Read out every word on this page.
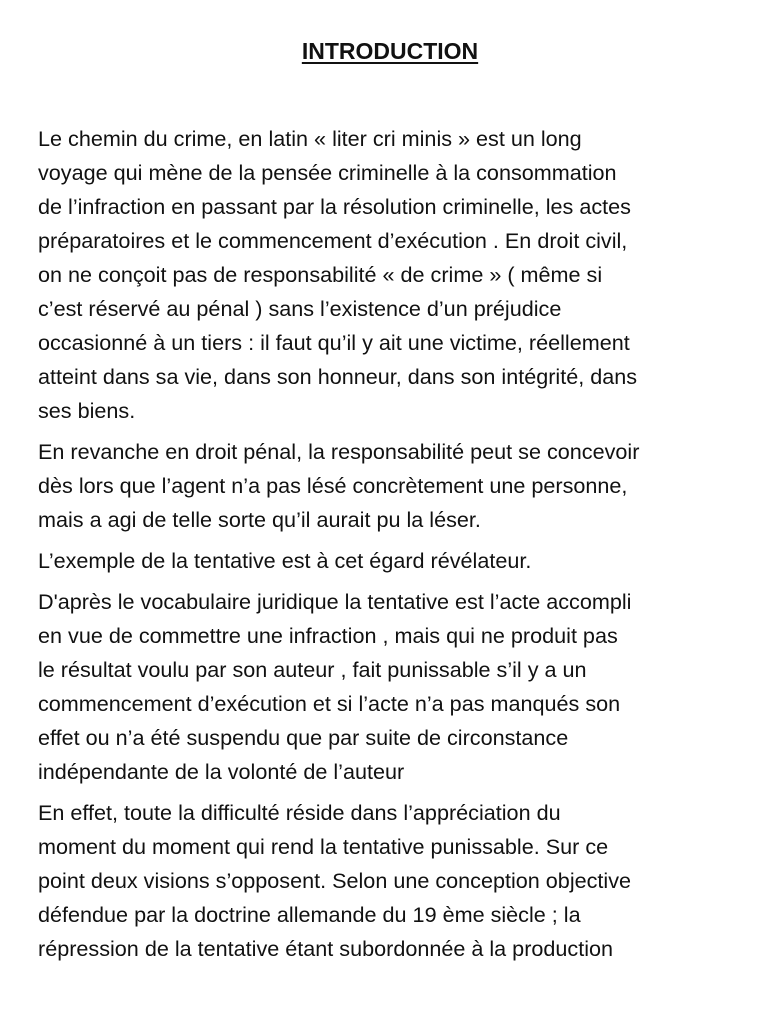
INTRODUCTION

Le chemin du crime, en latin « liter cri minis » est un long
voyage qui mène de la pensée criminelle à la consommation
de l’infraction en passant par la résolution criminelle, les actes
préparatoires et le commencement d’exécution . En droit civil,
on ne conçoit pas de responsabilité « de crime » ( même si
c’est réservé au pénal ) sans l’existence d’un préjudice
occasionné à un tiers : il faut qu’il y ait une victime, réellement
atteint dans sa vie, dans son honneur, dans son intégrité, dans
ses biens.

En revanche en droit pénal, la responsabilité peut se concevoir
dès lors que l’agent n’a pas lésé concrètement une personne,
mais a agi de telle sorte qu’il aurait pu la léser.

L’exemple de la tentative est à cet égard révélateur.

D'après le vocabulaire juridique la tentative est l’acte accompli
en vue de commettre une infraction , mais qui ne produit pas
le résultat voulu par son auteur , fait punissable s’il y a un
commencement d’exécution et si l’acte n’a pas manqués son
effet ou n’a été suspendu que par suite de circonstance
indépendante de la volonté de l’auteur

En effet, toute la difficulté réside dans l’appréciation du
moment du moment qui rend la tentative punissable. Sur ce
point deux visions s’opposent. Selon une conception objective
défendue par la doctrine allemande du 19 ème siècle ; la
répression de la tentative étant subordonnée à la production
